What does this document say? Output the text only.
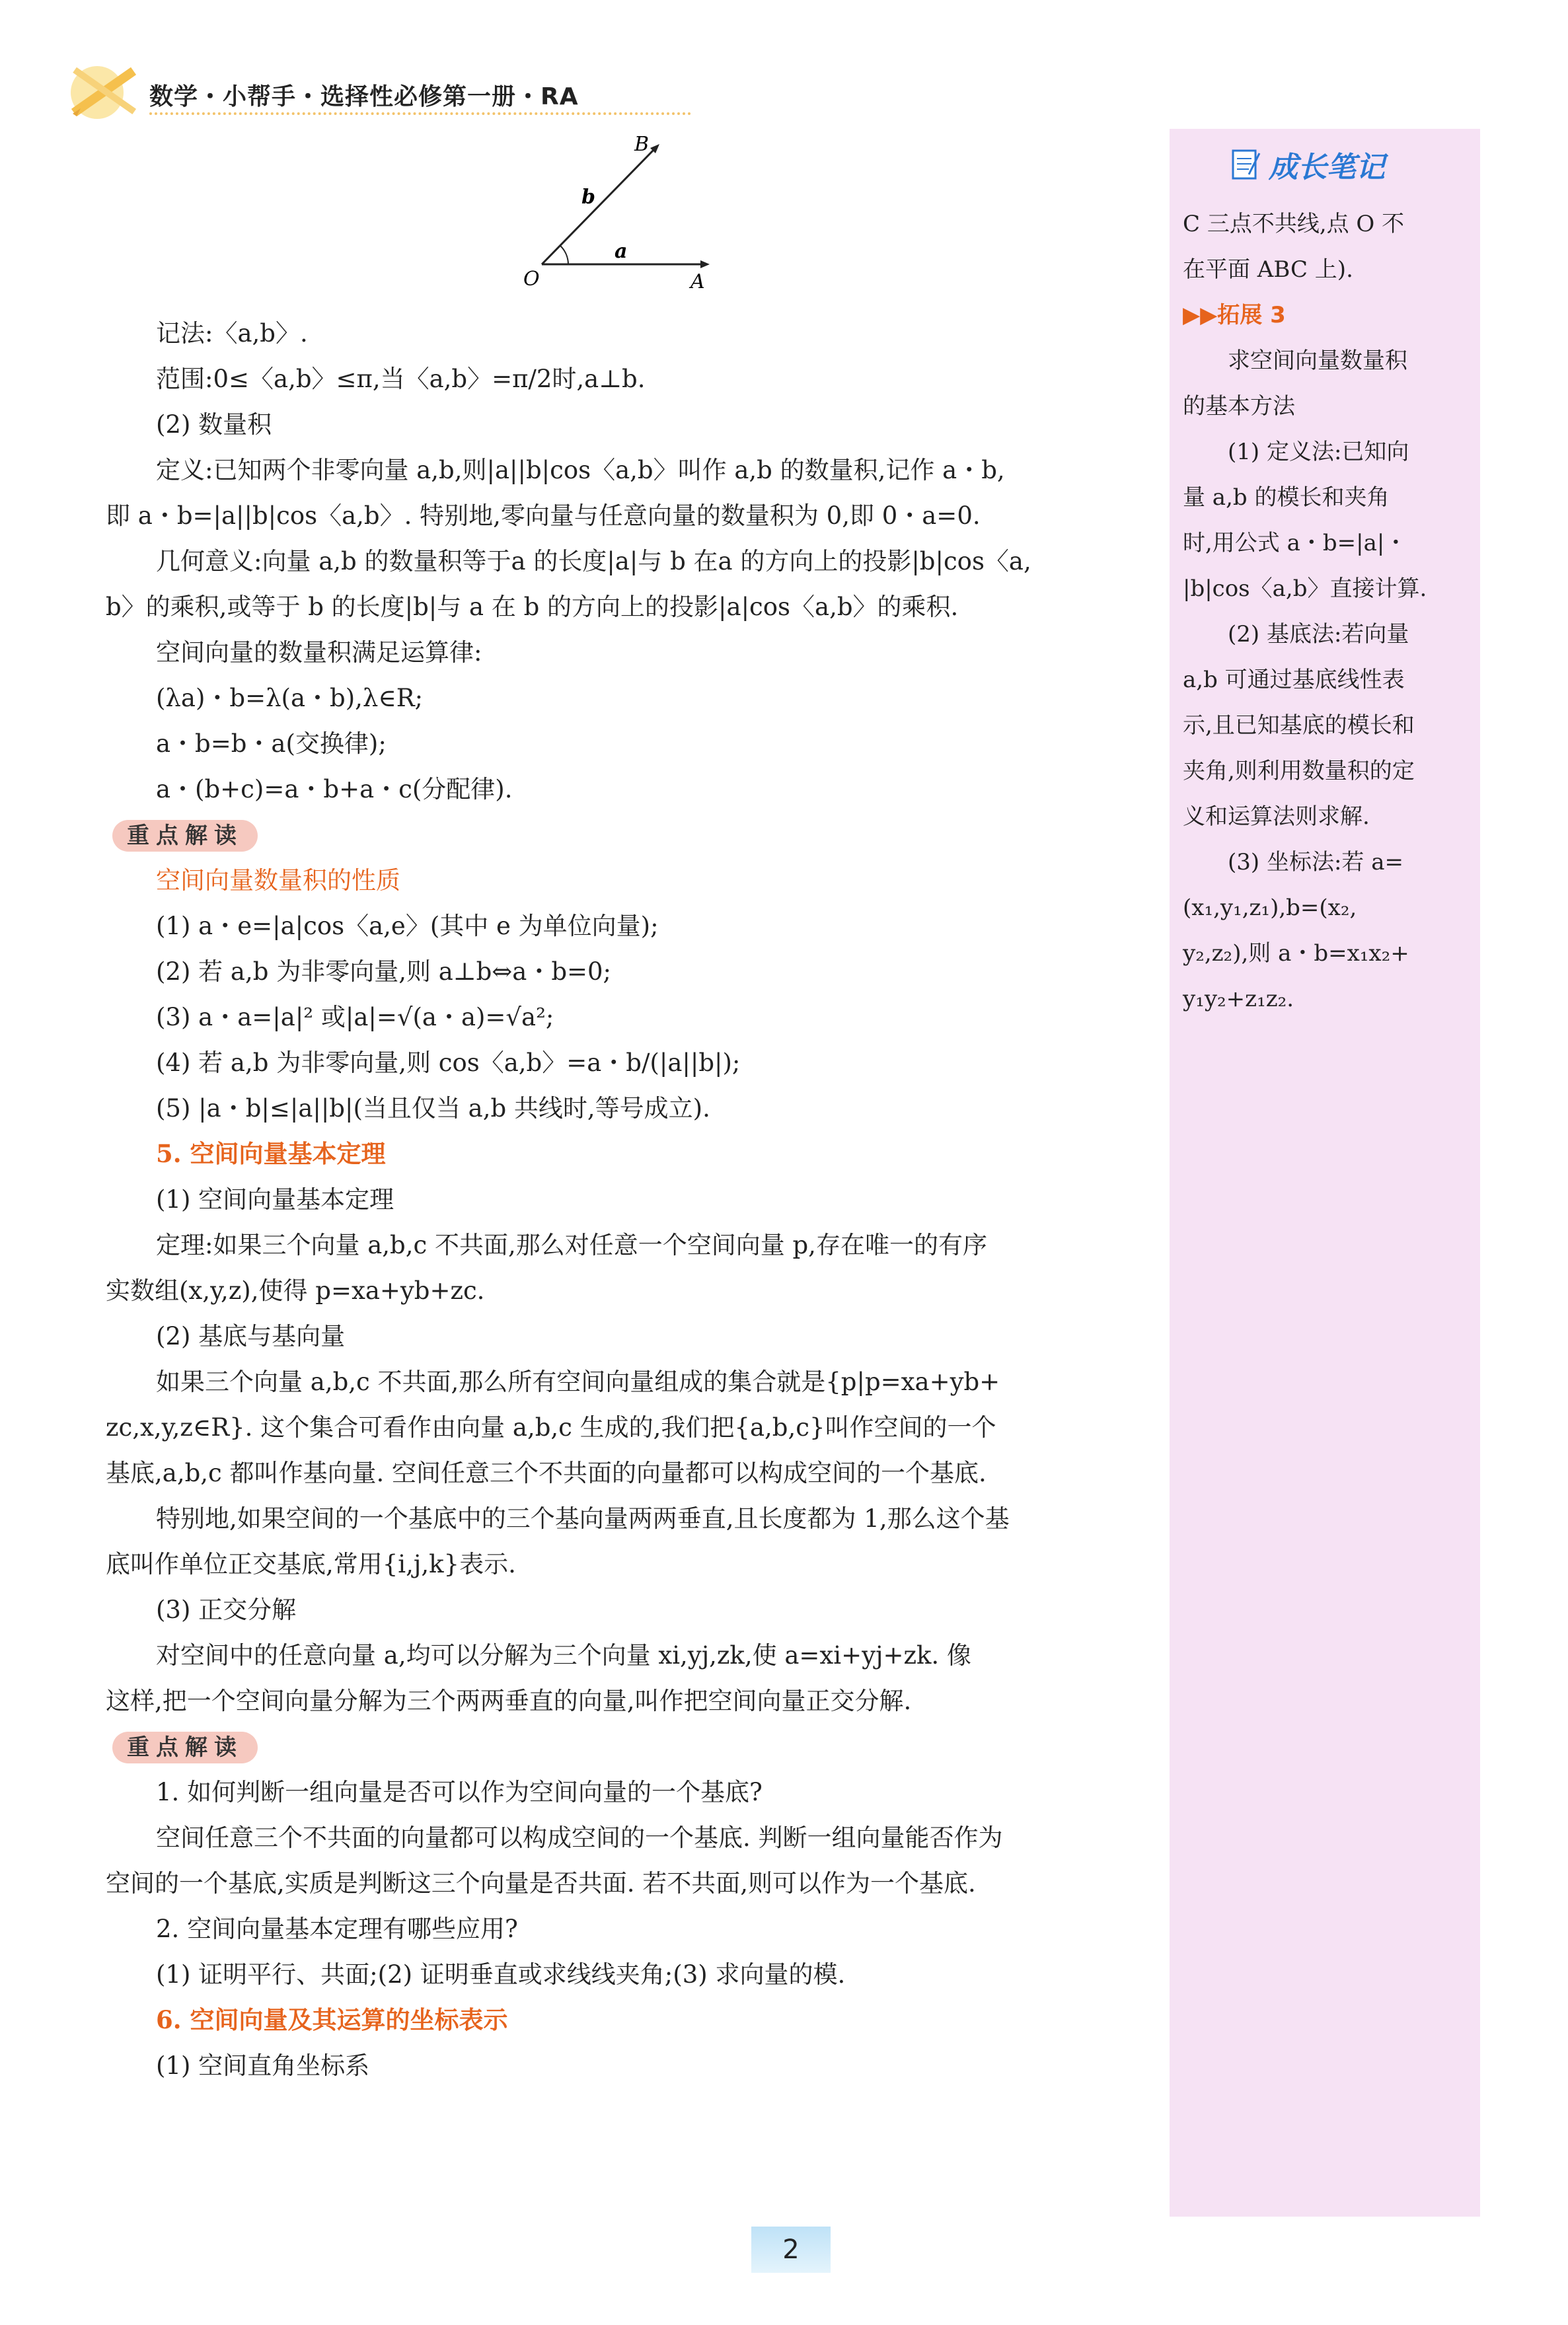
数学・小帮手・选择性必修第一册・RA
B
b
O
a
A
记法:〈a,b〉.
范围:0≤〈a,b〉≤π,当〈a,b〉=π/2时,a⊥b.
(2) 数量积
定义:已知两个非零向量 a,b,则|a||b|cos〈a,b〉叫作 a,b 的数量积,记作 a・b,
即 a・b=|a||b|cos〈a,b〉. 特别地,零向量与任意向量的数量积为 0,即 0・a=0.
几何意义:向量 a,b 的数量积等于a 的长度|a|与 b 在a 的方向上的投影|b|cos〈a,
b〉的乘积,或等于 b 的长度|b|与 a 在 b 的方向上的投影|a|cos〈a,b〉的乘积.
空间向量的数量积满足运算律:
(λa)・b=λ(a・b),λ∈R;
a・b=b・a(交换律);
a・(b+c)=a・b+a・c(分配律).
重点解读
空间向量数量积的性质
(1) a・e=|a|cos〈a,e〉(其中 e 为单位向量);
(2) 若 a,b 为非零向量,则 a⊥b⇔a・b=0;
(3) a・a=|a|² 或|a|=√(a・a)=√a²;
(4) 若 a,b 为非零向量,则 cos〈a,b〉=a・b/(|a||b|);
(5) |a・b|≤|a||b|(当且仅当 a,b 共线时,等号成立).
5. 空间向量基本定理
(1) 空间向量基本定理
定理:如果三个向量 a,b,c 不共面,那么对任意一个空间向量 p,存在唯一的有序
实数组(x,y,z),使得 p=xa+yb+zc.
(2) 基底与基向量
如果三个向量 a,b,c 不共面,那么所有空间向量组成的集合就是{p|p=xa+yb+
zc,x,y,z∈R}. 这个集合可看作由向量 a,b,c 生成的,我们把{a,b,c}叫作空间的一个
基底,a,b,c 都叫作基向量. 空间任意三个不共面的向量都可以构成空间的一个基底.
特别地,如果空间的一个基底中的三个基向量两两垂直,且长度都为 1,那么这个基
底叫作单位正交基底,常用{i,j,k}表示.
(3) 正交分解
对空间中的任意向量 a,均可以分解为三个向量 xi,yj,zk,使 a=xi+yj+zk. 像
这样,把一个空间向量分解为三个两两垂直的向量,叫作把空间向量正交分解.
重点解读
1. 如何判断一组向量是否可以作为空间向量的一个基底?
空间任意三个不共面的向量都可以构成空间的一个基底. 判断一组向量能否作为
空间的一个基底,实质是判断这三个向量是否共面. 若不共面,则可以作为一个基底.
2. 空间向量基本定理有哪些应用?
(1) 证明平行、共面;(2) 证明垂直或求线线夹角;(3) 求向量的模.
6. 空间向量及其运算的坐标表示
(1) 空间直角坐标系
成长笔记
C 三点不共线,点 O 不
在平面 ABC 上).
▶▶拓展 3
　　求空间向量数量积
的基本方法
　　(1) 定义法:已知向
量 a,b 的模长和夹角
时,用公式 a・b=|a|・
|b|cos〈a,b〉直接计算.
　　(2) 基底法:若向量
a,b 可通过基底线性表
示,且已知基底的模长和
夹角,则利用数量积的定
义和运算法则求解.
　　(3) 坐标法:若 a=
(x₁,y₁,z₁),b=(x₂,
y₂,z₂),则 a・b=x₁x₂+
y₁y₂+z₁z₂.
2
